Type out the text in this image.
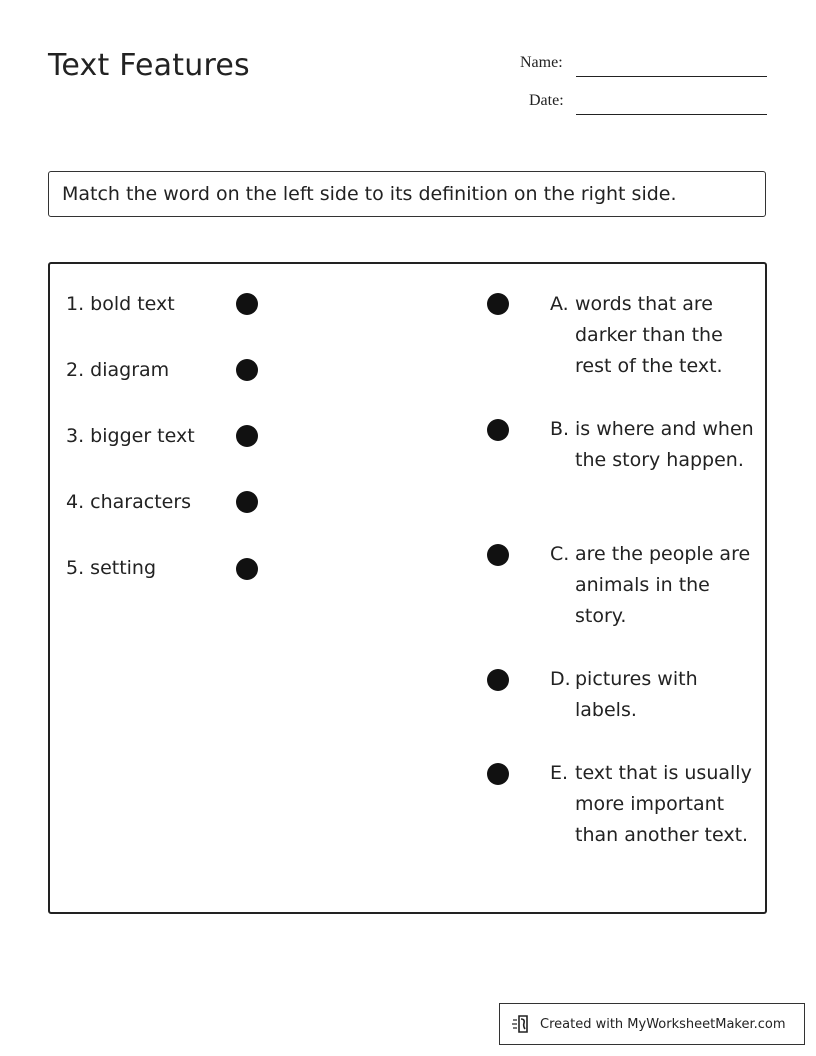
Text Features	Name:
Date:
Match the word on the left side to its definition on the right side.
1. bold text
2. diagram
3. bigger text
4. characters
5. setting
A. words that are darker than the rest of the text.
B. is where and when the story happen.
C. are the people are animals in the story.
D. pictures with labels.
E. text that is usually more important than another text.
Created with MyWorksheetMaker.com
